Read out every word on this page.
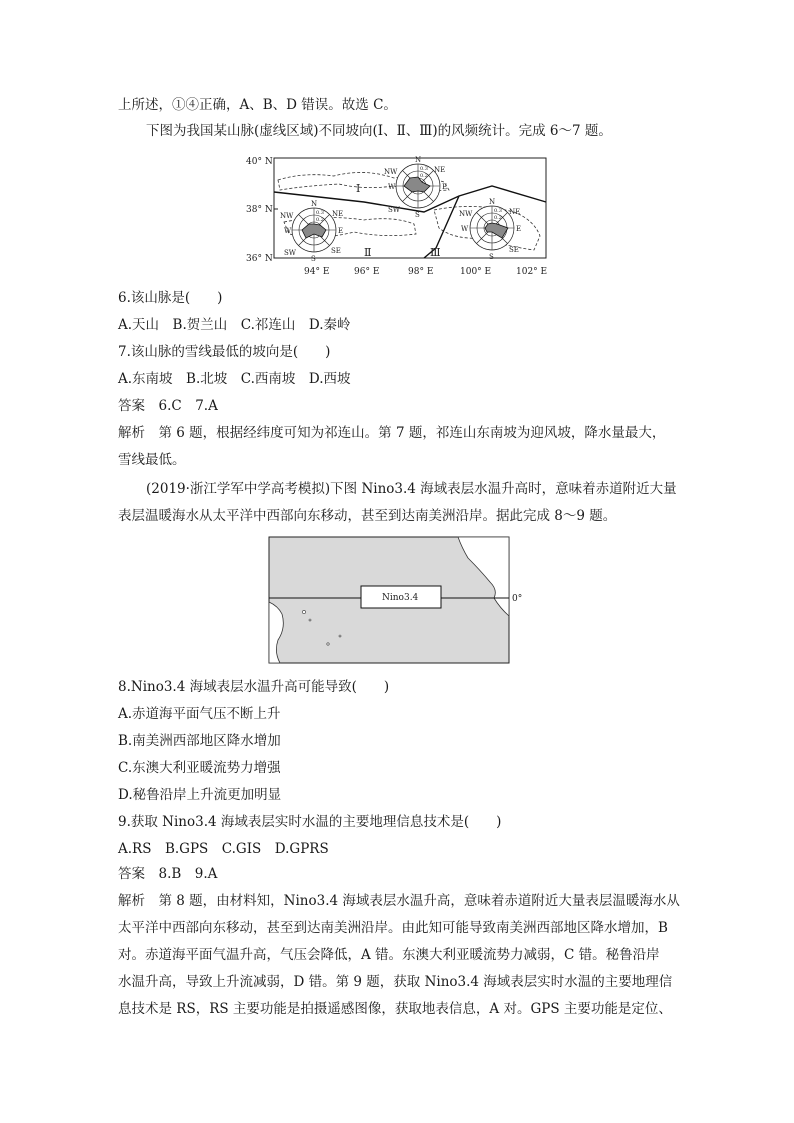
上所述，①④正确，A、B、D 错误。故选 C。
下图为我国某山脉(虚线区域)不同坡向(Ⅰ、Ⅱ、Ⅲ)的风频统计。完成 6～7 题。
40° N
38° N
36° N
94° E	96° E	98° E	100° E	102° E
Ⅰ
Ⅱ	Ⅲ
N
NE
E
S
SW
W
NW	0.3
0.2
N
NE
E
SE
S
SW
W
NW	0.3
0.2
N
NE
E
SE
S
W
NW	0.3
0.2
6.该山脉是(　　)
A.天山　B.贺兰山　C.祁连山　D.秦岭
7.该山脉的雪线最低的坡向是(　　)
A.东南坡　B.北坡　C.西南坡　D.西坡
答案　6.C　7.A
解析　第 6 题，根据经纬度可知为祁连山。第 7 题，祁连山东南坡为迎风坡，降水量最大，
雪线最低。
(2019·浙江学军中学高考模拟)下图 Nino3.4 海域表层水温升高时，意味着赤道附近大量
表层温暖海水从太平洋中西部向东移动，甚至到达南美洲沿岸。据此完成 8～9 题。
0°
Nino3.4
8.Nino3.4 海域表层水温升高可能导致(　　)
A.赤道海平面气压不断上升
B.南美洲西部地区降水增加
C.东澳大利亚暖流势力增强
D.秘鲁沿岸上升流更加明显
9.获取 Nino3.4 海域表层实时水温的主要地理信息技术是(　　)
A.RS　B.GPS　C.GIS　D.GPRS
答案　8.B　9.A
解析　第 8 题，由材料知，Nino3.4 海域表层水温升高，意味着赤道附近大量表层温暖海水从
太平洋中西部向东移动，甚至到达南美洲沿岸。由此知可能导致南美洲西部地区降水增加，B
对。赤道海平面气温升高，气压会降低，A 错。东澳大利亚暖流势力减弱，C 错。秘鲁沿岸
水温升高，导致上升流减弱，D 错。第 9 题，获取 Nino3.4 海域表层实时水温的主要地理信
息技术是 RS，RS 主要功能是拍摄遥感图像，获取地表信息，A 对。GPS 主要功能是定位、
